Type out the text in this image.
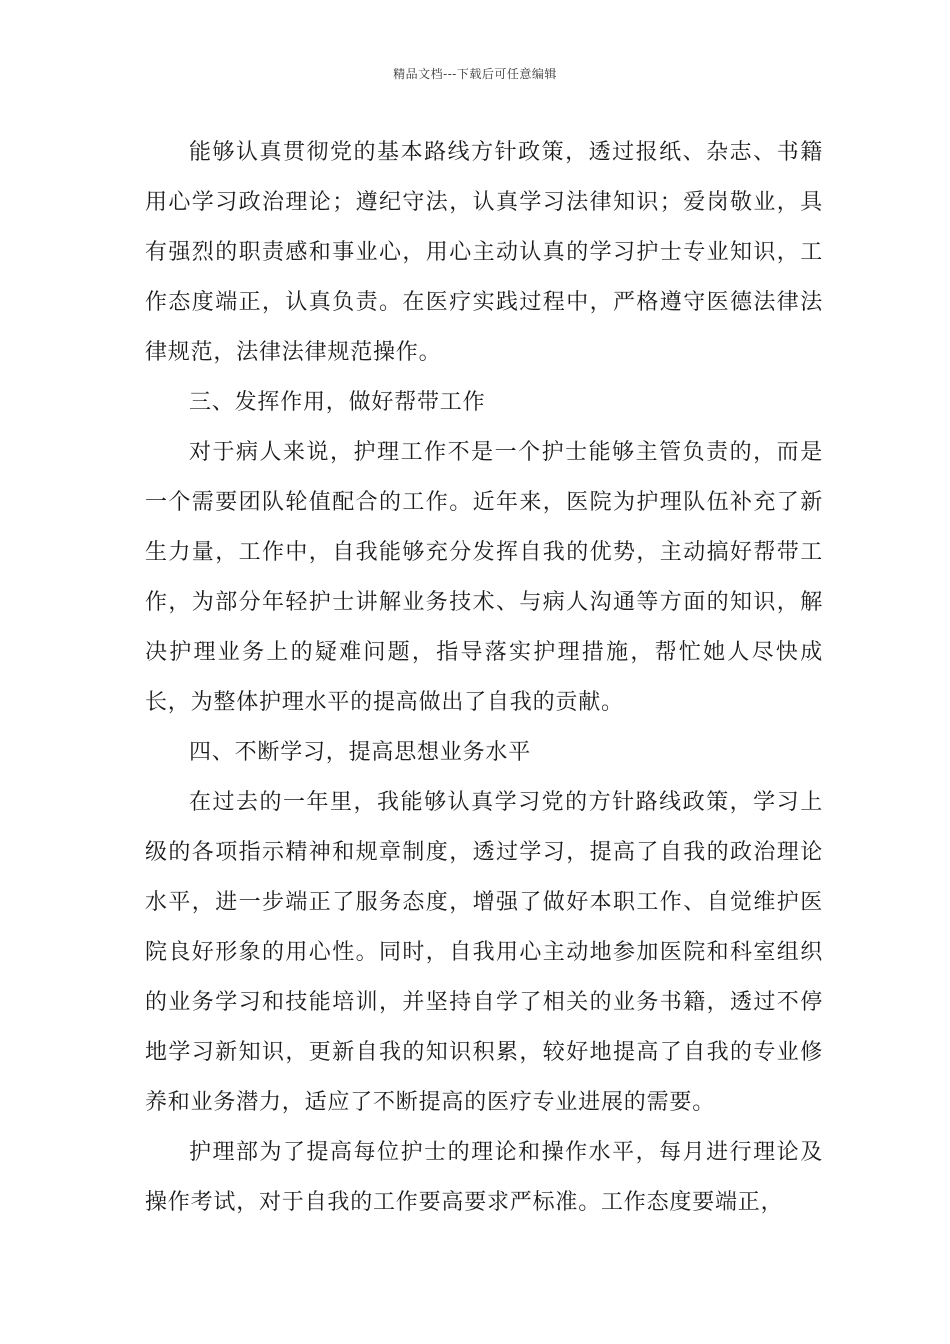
精品文档---下载后可任意编辑

能够认真贯彻党的基本路线方针政策，透过报纸、杂志、书籍用心学习政治理论；遵纪守法，认真学习法律知识；爱岗敬业，具有强烈的职责感和事业心，用心主动认真的学习护士专业知识，工作态度端正，认真负责。在医疗实践过程中，严格遵守医德法律法律规范，法律法律规范操作。

三、发挥作用，做好帮带工作

对于病人来说，护理工作不是一个护士能够主管负责的，而是一个需要团队轮值配合的工作。近年来，医院为护理队伍补充了新生力量，工作中，自我能够充分发挥自我的优势，主动搞好帮带工作，为部分年轻护士讲解业务技术、与病人沟通等方面的知识，解决护理业务上的疑难问题，指导落实护理措施，帮忙她人尽快成长，为整体护理水平的提高做出了自我的贡献。

四、不断学习，提高思想业务水平

在过去的一年里，我能够认真学习党的方针路线政策，学习上级的各项指示精神和规章制度，透过学习，提高了自我的政治理论水平，进一步端正了服务态度，增强了做好本职工作、自觉维护医院良好形象的用心性。同时，自我用心主动地参加医院和科室组织的业务学习和技能培训，并坚持自学了相关的业务书籍，透过不停地学习新知识，更新自我的知识积累，较好地提高了自我的专业修养和业务潜力，适应了不断提高的医疗专业进展的需要。

护理部为了提高每位护士的理论和操作水平，每月进行理论及操作考试，对于自我的工作要高要求严标准。工作态度要端正，
